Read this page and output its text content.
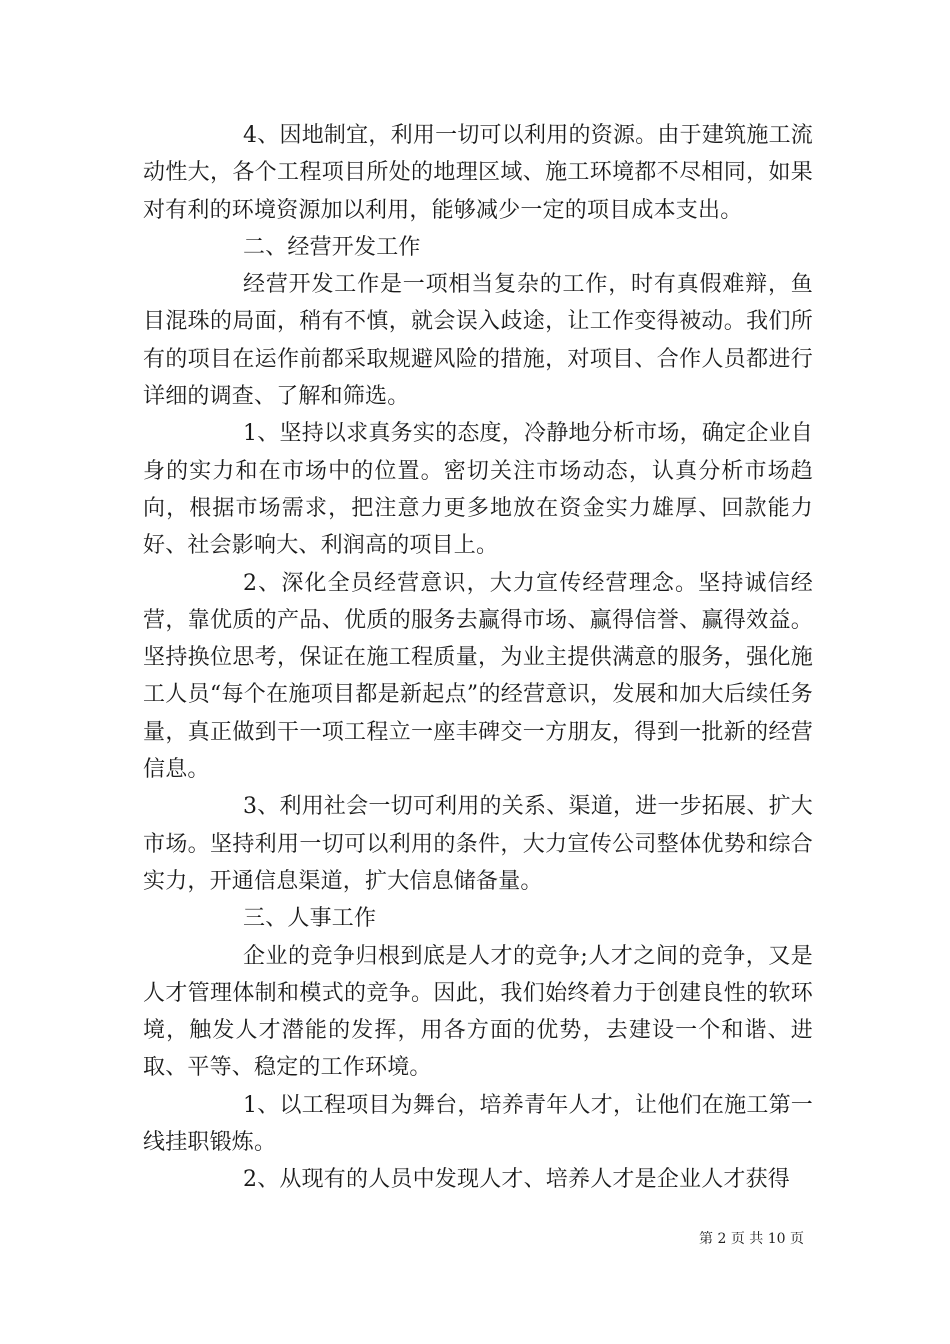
4、因地制宜，利用一切可以利用的资源。由于建筑施工流动性大，各个工程项目所处的地理区域、施工环境都不尽相同，如果对有利的环境资源加以利用，能够减少一定的项目成本支出。

二、经营开发工作

经营开发工作是一项相当复杂的工作，时有真假难辩，鱼目混珠的局面，稍有不慎，就会误入歧途，让工作变得被动。我们所有的项目在运作前都采取规避风险的措施，对项目、合作人员都进行详细的调查、了解和筛选。

1、坚持以求真务实的态度，冷静地分析市场，确定企业自身的实力和在市场中的位置。密切关注市场动态，认真分析市场趋向，根据市场需求，把注意力更多地放在资金实力雄厚、回款能力好、社会影响大、利润高的项目上。

2、深化全员经营意识，大力宣传经营理念。坚持诚信经营，靠优质的产品、优质的服务去赢得市场、赢得信誉、赢得效益。坚持换位思考，保证在施工程质量，为业主提供满意的服务，强化施工人员“每个在施项目都是新起点”的经营意识，发展和加大后续任务量，真正做到干一项工程立一座丰碑交一方朋友，得到一批新的经营信息。

3、利用社会一切可利用的关系、渠道，进一步拓展、扩大市场。坚持利用一切可以利用的条件，大力宣传公司整体优势和综合实力，开通信息渠道，扩大信息储备量。

三、人事工作

企业的竞争归根到底是人才的竞争;人才之间的竞争，又是人才管理体制和模式的竞争。因此，我们始终着力于创建良性的软环境，触发人才潜能的发挥，用各方面的优势，去建设一个和谐、进取、平等、稳定的工作环境。

1、以工程项目为舞台，培养青年人才，让他们在施工第一线挂职锻炼。

2、从现有的人员中发现人才、培养人才是企业人才获得

第 2 页 共 10 页
